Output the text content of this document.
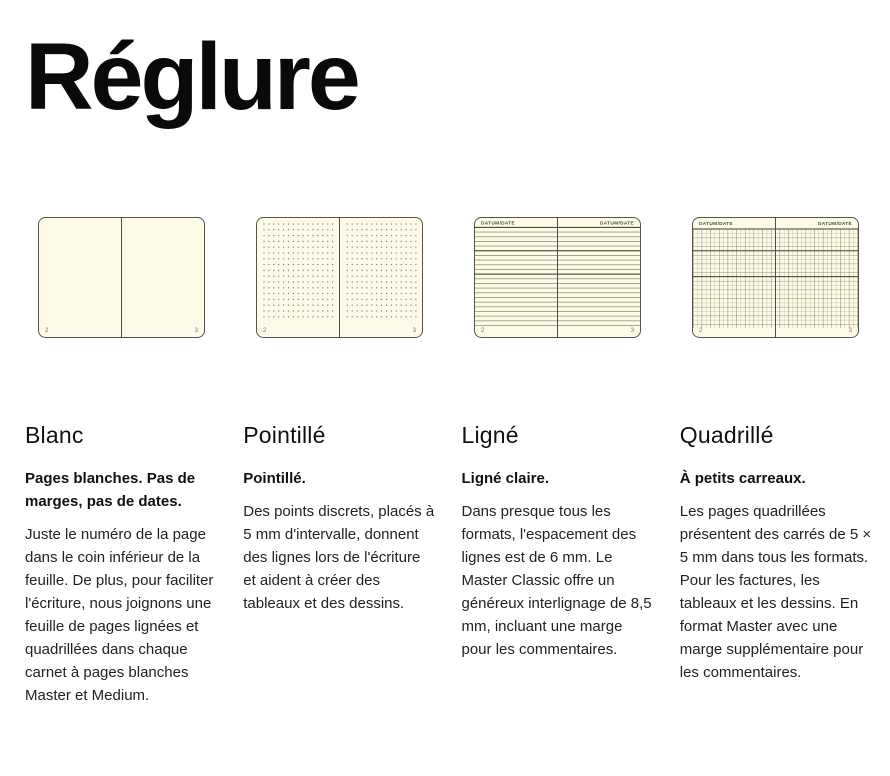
Réglure
2	3
Blanc

Pages blanches. Pas de marges, pas de dates.

Juste le numéro de la page dans le coin inférieur de la feuille. De plus, pour faciliter l'écriture, nous joignons une feuille de pages lignées et quadrillées dans chaque carnet à pages blanches Master et Medium.

2	3
Pointillé

Pointillé.

Des points discrets, placés à 5 mm d'intervalle, donnent des lignes lors de l'écriture et aident à créer des tableaux et des dessins.

DATUM/DATE	DATUM/DATE
2	3
Ligné

Ligné claire.

Dans presque tous les formats, l'espacement des lignes est de 6 mm. Le Master Classic offre un généreux interlignage de 8,5 mm, incluant une marge pour les commentaires.

DATUM/DATE	DATUM/DATE
2	3
Quadrillé

À petits carreaux.

Les pages quadrillées présentent des carrés de 5 × 5 mm dans tous les formats. Pour les factures, les tableaux et les dessins. En format Master avec une marge supplémentaire pour les commentaires.
